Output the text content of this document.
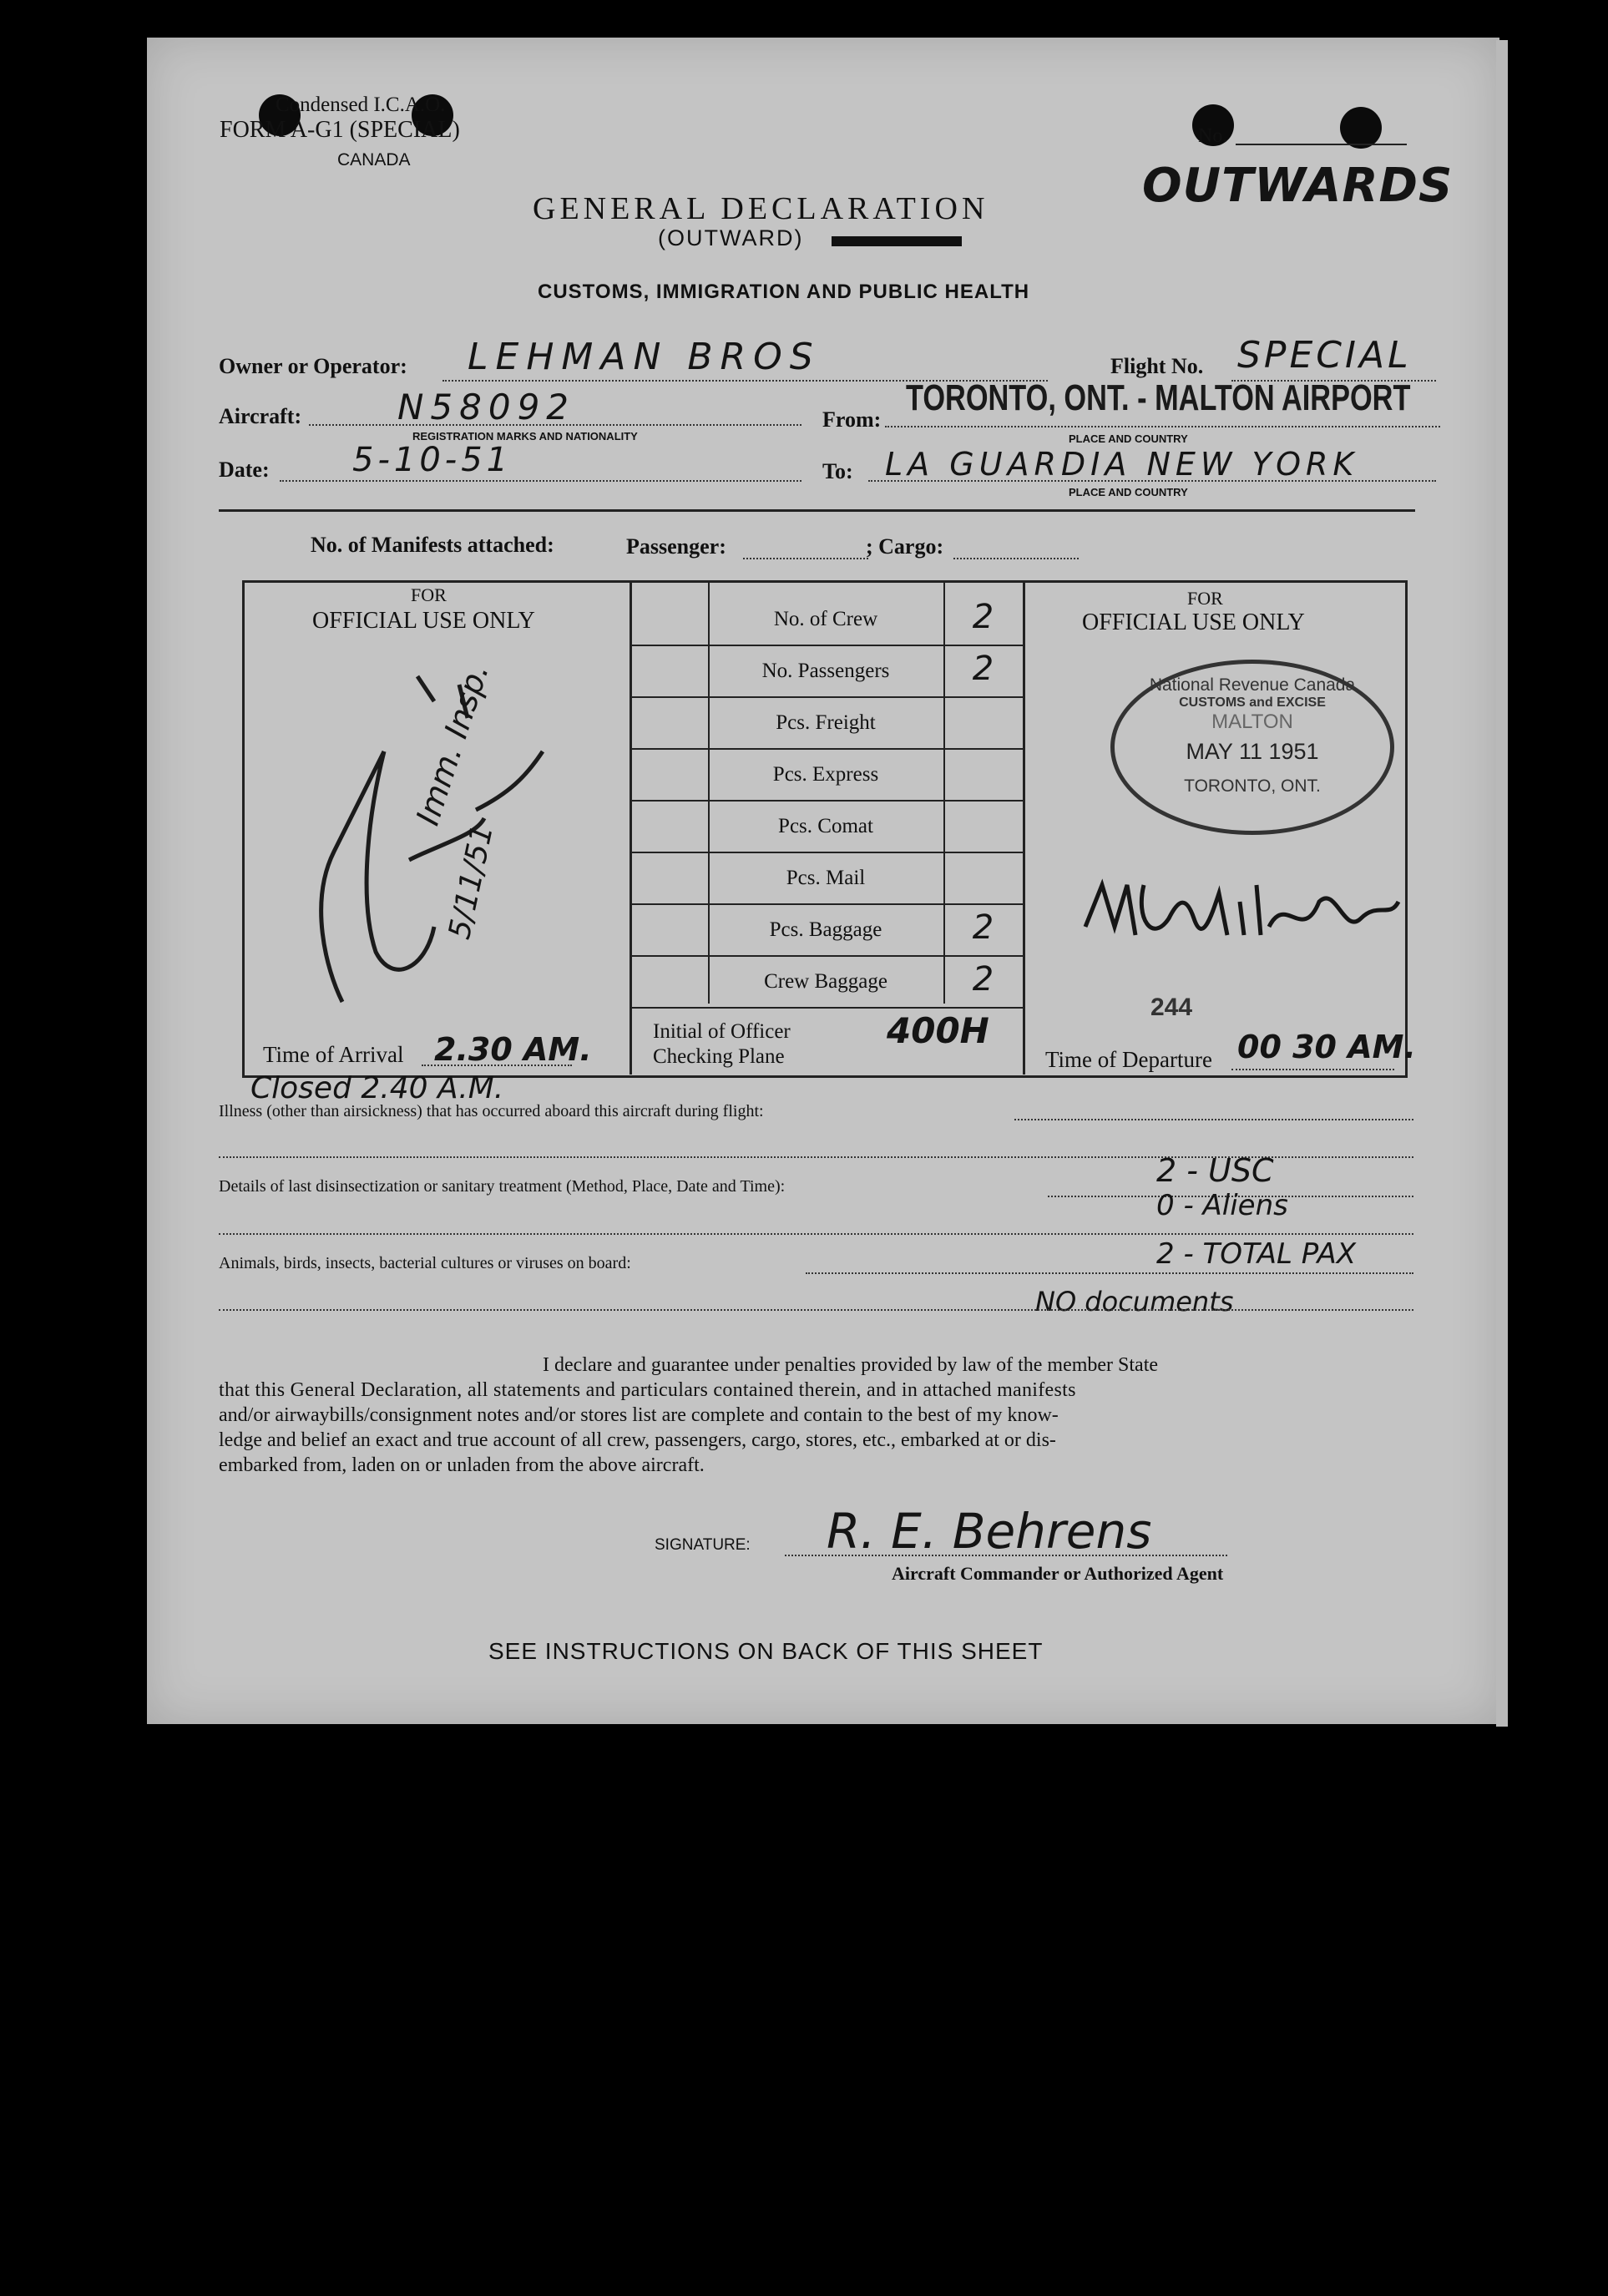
Condensed I.C.A.O.
FORM A-G1 (SPECIAL)
CANADA
No.
OUTWARDS
GENERAL DECLARATION
(OUTWARD)
CUSTOMS, IMMIGRATION AND PUBLIC HEALTH
Owner or Operator: LEHMAN BROS	Flight No. SPECIAL
Aircraft:	N58092
REGISTRATION MARKS AND NATIONALITY
From:
TORONTO, ONT. - MALTON AIRPORT
PLACE AND COUNTRY
Date: 5-10-51	To: LA GUARDIA NEW YORK
PLACE AND COUNTRY
No. of Manifests attached:	Passenger:	; Cargo:
FOR
OFFICIAL USE ONLY
FOR
OFFICIAL USE ONLY
No. of Crew	2
No. Passengers	2
Pcs. Freight
Pcs. Express
Pcs. Comat
Pcs. Mail
Pcs. Baggage	2
Crew Baggage	2
Initial of Officer
Checking Plane
400H
Time of Arrival 2.30 AM.	Time of Departure 00 30 AM.
Imm. Insp.
5/11/51
National Revenue Canada
CUSTOMS and EXCISE
MALTON
MAY 11 1951
TORONTO, ONT.
244
Closed 2.40 A.M.
Illness (other than airsickness) that has occurred aboard this aircraft during flight:
Details of last disinsectization or sanitary treatment (Method, Place, Date and Time):	2 - USC
0 - Aliens
Animals, birds, insects, bacterial cultures or viruses on board:	2 - TOTAL PAX
NO documents
I declare and guarantee under penalties provided by law of the member State
that this General Declaration, all statements and particulars contained therein, and in attached manifests
and/or airwaybills/consignment notes and/or stores list are complete and contain to the best of my know-
ledge and belief an exact and true account of all crew, passengers, cargo, stores, etc., embarked at or dis-
embarked from, laden on or unladen from the above aircraft.
SIGNATURE: R. E. Behrens
Aircraft Commander or Authorized Agent
SEE INSTRUCTIONS ON BACK OF THIS SHEET
